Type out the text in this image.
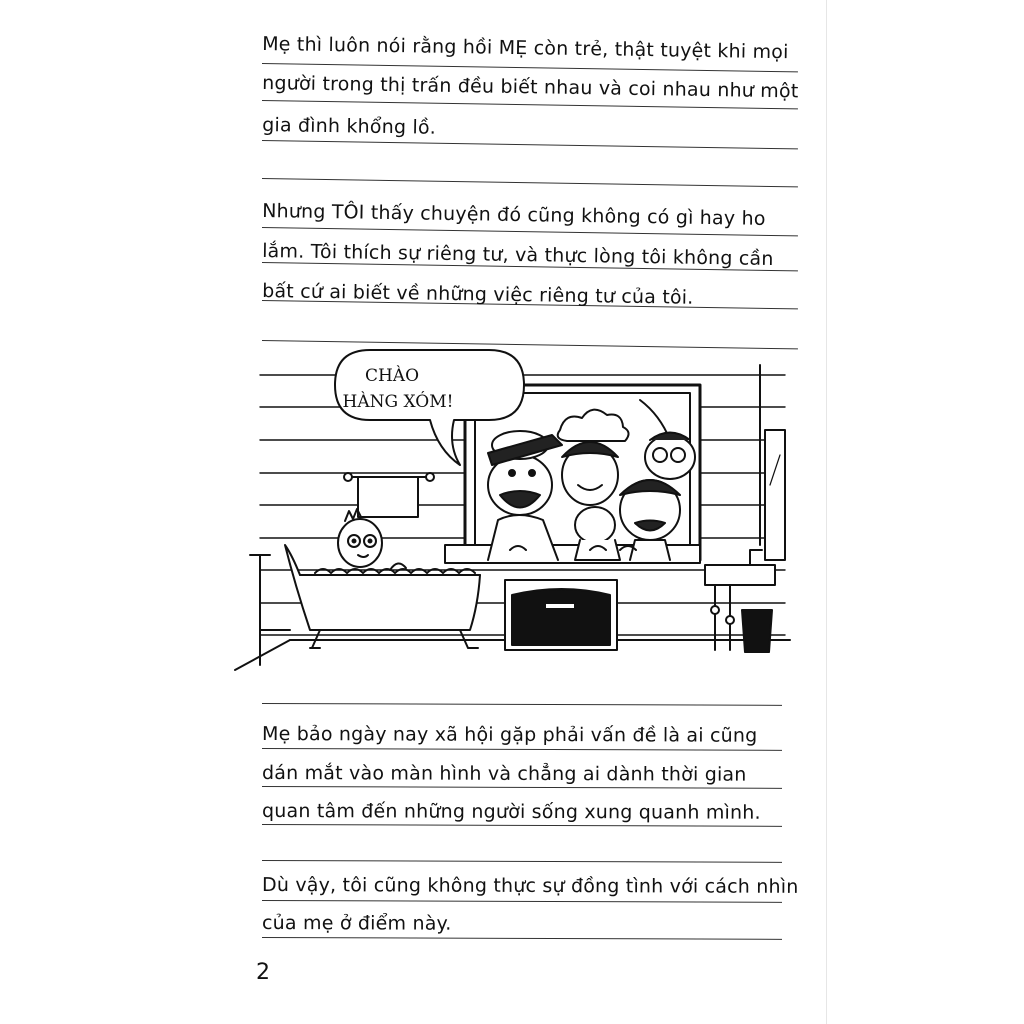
Mẹ thì luôn nói rằng hồi MẸ còn trẻ, thật tuyệt khi mọi
người trong thị trấn đều biết nhau và coi nhau như một
gia đình khổng lồ.
Nhưng TÔI thấy chuyện đó cũng không có gì hay ho
lắm. Tôi thích sự riêng tư, và thực lòng tôi không cần
bất cứ ai biết về những việc riêng tư của tôi.
CHÀO
HÀNG XÓM!
Mẹ bảo ngày nay xã hội gặp phải vấn đề là ai cũng
dán mắt vào màn hình và chẳng ai dành thời gian
quan tâm đến những người sống xung quanh mình.
Dù vậy, tôi cũng không thực sự đồng tình với cách nhìn
của mẹ ở điểm này.
2
